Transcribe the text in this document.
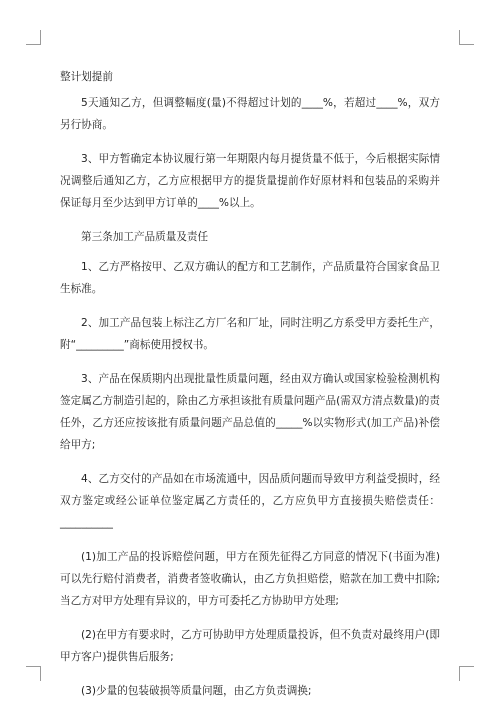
整计划提前

5天通知乙方，但调整幅度(量)不得超过计划的____%，若超过____%，双方另行协商。

3、甲方暂确定本协议履行第一年期限内每月提货量不低于，今后根据实际情况调整后通知乙方，乙方应根据甲方的提货量提前作好原材料和包装品的采购并保证每月至少达到甲方订单的____%以上。

第三条加工产品质量及责任

1、乙方严格按甲、乙双方确认的配方和工艺制作，产品质量符合国家食品卫生标准。

2、加工产品包装上标注乙方厂名和厂址，同时注明乙方系受甲方委托生产，附“_________”商标使用授权书。

3、产品在保质期内出现批量性质量问题，经由双方确认或国家检验检测机构签定属乙方制造引起的，除由乙方承担该批有质量问题产品(需双方清点数量)的责任外，乙方还应按该批有质量问题产品总值的_____%以实物形式(加工产品)补偿给甲方;

4、乙方交付的产品如在市场流通中，因品质问题而导致甲方利益受损时，经双方鉴定或经公证单位鉴定属乙方责任的，乙方应负甲方直接损失赔偿责任：__________

(1)加工产品的投诉赔偿问题，甲方在预先征得乙方同意的情况下(书面为准)可以先行赔付消费者，消费者签收确认，由乙方负担赔偿，赔款在加工费中扣除;当乙方对甲方处理有异议的，甲方可委托乙方协助甲方处理;

(2)在甲方有要求时，乙方可协助甲方处理质量投诉，但不负责对最终用户(即甲方客户)提供售后服务;

(3)少量的包装破损等质量问题，由乙方负责调换;
